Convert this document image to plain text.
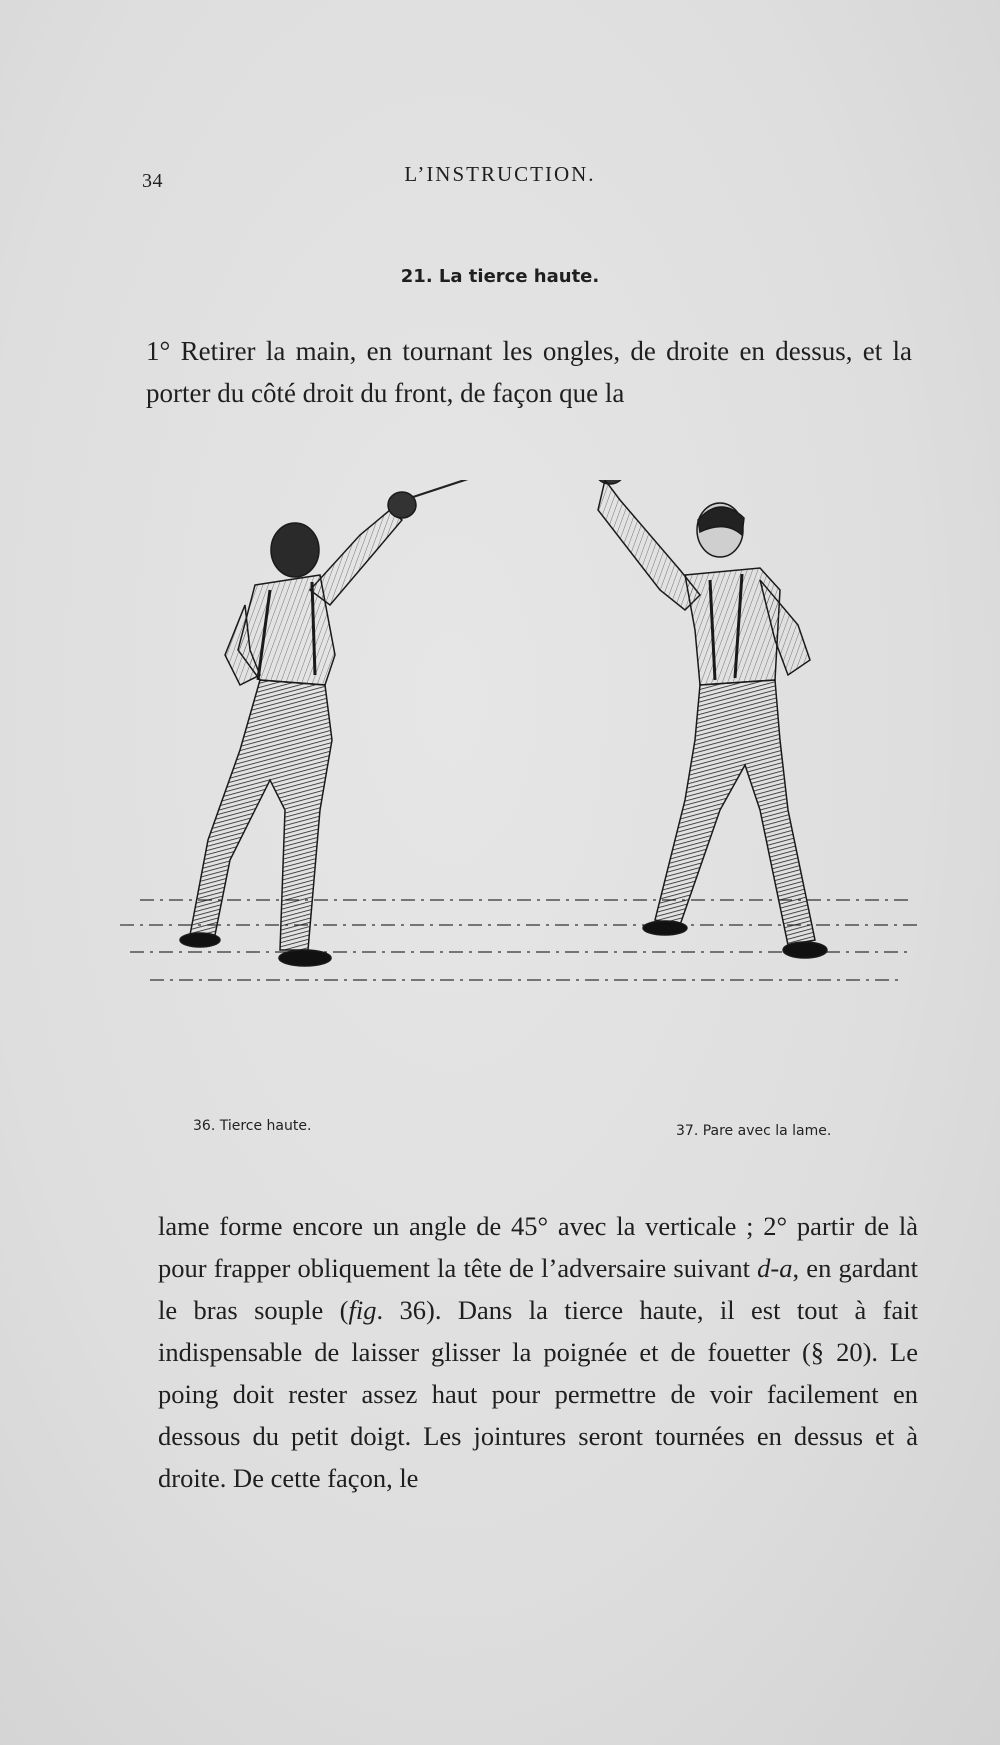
34	L’INSTRUCTION.
21. La tierce haute.

1° Retirer la main, en tournant les ongles, de droite en dessus, et la porter du côté droit du front, de façon que la

36. Tierce haute.	37. Pare avec la lame.

lame forme encore un angle de 45° avec la verticale ; 2° partir de là pour frapper obliquement la tête de l’adversaire suivant d-a, en gardant le bras souple (fig. 36). Dans la tierce haute, il est tout à fait indispensable de laisser glisser la poignée et de fouetter (§ 20). Le poing doit rester assez haut pour permettre de voir facilement en dessous du petit doigt. Les jointures seront tournées en dessus et à droite. De cette façon, le
